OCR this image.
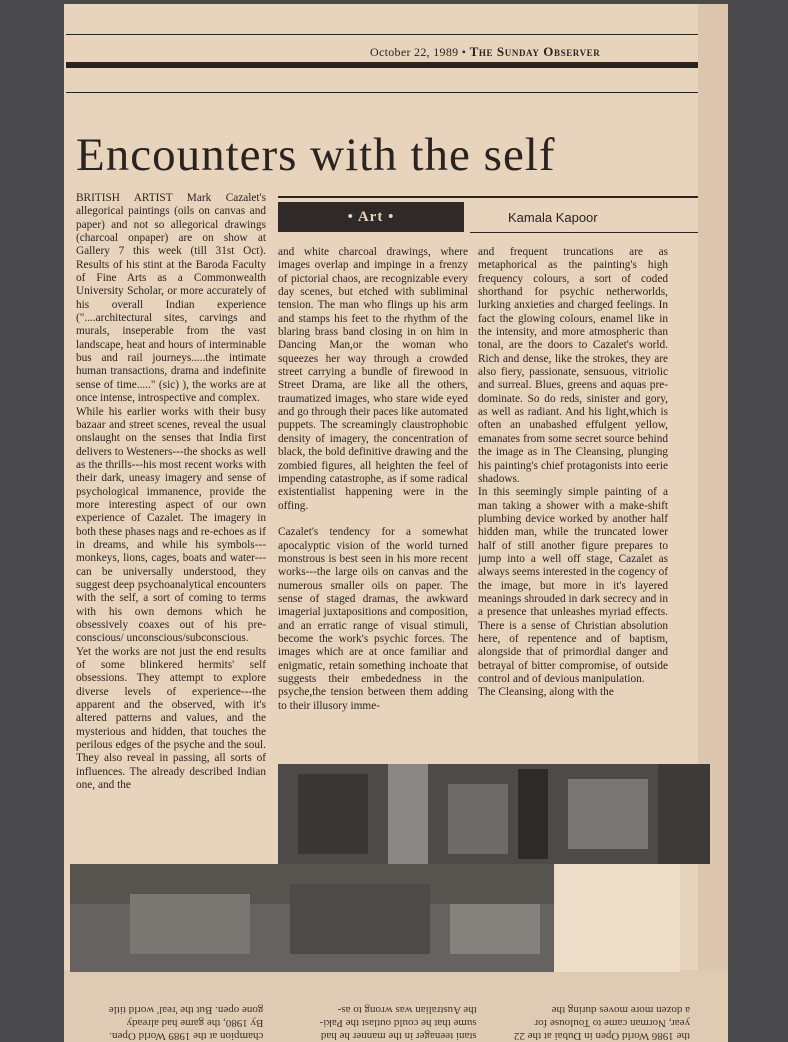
October 22, 1989 • The Sunday Observer
Encounters with the self
• Art •	Kamala Kapoor
BRITISH ARTIST Mark Cazalet's allegorical paintings (oils on canvas and paper) and not so allegorical drawings (charcoal onpaper) are on show at Gallery 7 this week (till 31st Oct). Results of his stint at the Baroda Faculty of Fine Arts as a Commonwealth University Scholar, or more accurately of his overall Indian experience ("....architectural sites, carvings and murals, inseperable from the vast landscape, heat and hours of interminable bus and rail journeys.....the intimate human transactions, drama and indefinite sense of time....." (sic) ), the works are at once intense, introspective and complex.
While his earlier works with their busy bazaar and street scenes, reveal the usual onslaught on the senses that India first delivers to Westeners---the shocks as well as the thrills---his most recent works with their dark, uneasy imagery and sense of psychological immanence, provide the more interesting aspect of our own experience of Cazalet. The imagery in both these phases nags and re-echoes as if in dreams, and while his symbols---monkeys, lions, cages, boats and water---can be universally understood, they suggest deep psychoanalytical encounters with the self, a sort of coming to terms with his own demons which he obsessively coaxes out of his pre-conscious/ unconscious/subconscious.
Yet the works are not just the end results of some blinkered hermits' self obsessions. They attempt to explore diverse levels of experience---the apparent and the observed, with it's altered patterns and values, and the mysterious and hidden, that touches the perilous edges of the psyche and the soul. They also reveal in passing, all sorts of influences. The already described Indian one, and the
and white charcoal drawings, where images overlap and impinge in a frenzy of pictorial chaos, are recognizable every day scenes, but etched with subliminal tension. The man who flings up his arm and stamps his feet to the rhythm of the blaring brass band closing in on him in Dancing Man,or the woman who squeezes her way through a crowded street carrying a bundle of firewood in Street Drama, are like all the others, traumatized images, who stare wide eyed and go through their paces like automated puppets. The screamingly claustrophobic density of imagery, the concentration of black, the bold definitive drawing and the zombied figures, all heighten the feel of impending catastrophe, as if some radical existentialist happening were in the offing.

Cazalet's tendency for a somewhat apocalyptic vision of the world turned monstrous is best seen in his more recent works---the large oils on canvas and the numerous smaller oils on paper. The sense of staged dramas, the awkward imagerial juxtapositions and composition, and an erratic range of visual stimuli, become the work's psychic forces. The images which are at once familiar and enigmatic, retain something inchoate that suggests their embededness in the psyche,the tension between them adding to their illusory imme-
and frequent truncations are as metaphorical as the painting's high frequency colours, a sort of coded shorthand for psychic netherworlds, lurking anxieties and charged feelings. In fact the glowing colours, enamel like in the intensity, and more atmospheric than tonal, are the doors to Cazalet's world. Rich and dense, like the strokes, they are also fiery, passionate, sensuous, vitriolic and surreal. Blues, greens and aquas pre-dominate. So do reds, sinister and gory, as well as radiant. And his light,which is often an unabashed effulgent yellow, emanates from some secret source behind the image as in The Cleansing, plunging his painting's chief protagonists into eerie shadows.
In this seemingly simple painting of a man taking a shower with a make-shift plumbing device worked by another half hidden man, while the truncated lower half of still another figure prepares to jump into a well off stage, Cazalet as always seems interested in the cogency of the image, but more in it's layered meanings shrouded in dark secrecy and in a presence that unleashes myriad effects. There is a sense of Christian absolution here, of repentence and of baptism, alongside that of primordial danger and betrayal of bitter compromise, of outside control and of devious manipulation.
The Cleansing, along with the
the 1986 World Open in Dubai at the 22
year, Norman came to Toulouse for
a dozen more moves during the
stani teenager in the manner he had
sume that he could outlast the Paki-
the Australian was wrong to as-
champion at the 1989 World Open.
By 1980, the game had already
gone open. But the 'real' world title
